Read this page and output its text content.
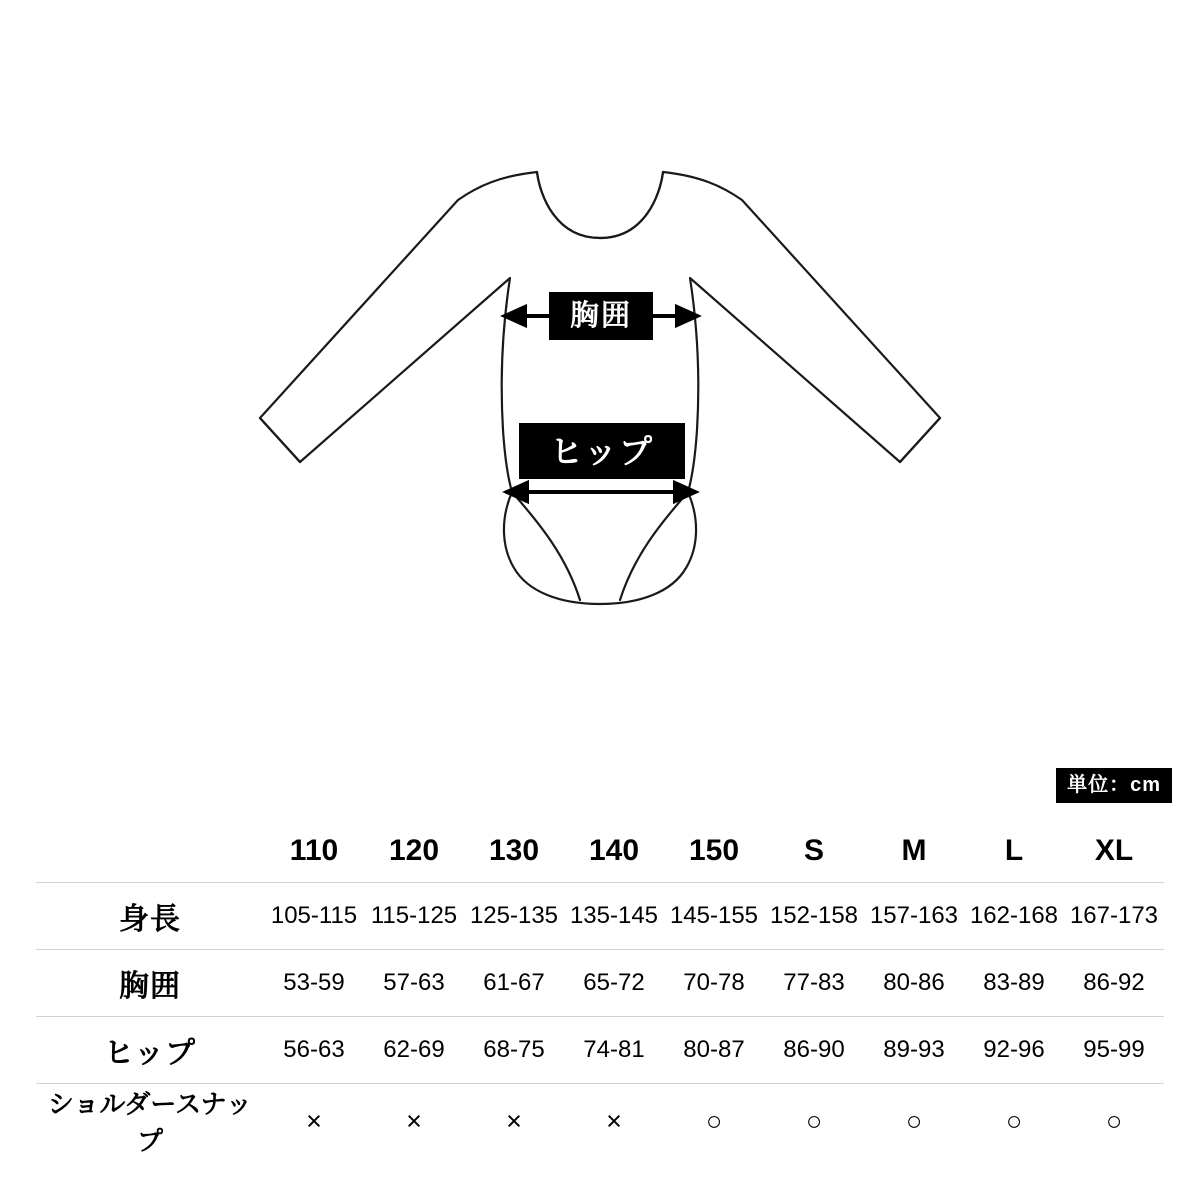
胸囲
ヒップ
単位：cm
	110	120	130	140	150	S	M	L	XL
身長	105-115	115-125	125-135	135-145	145-155	152-158	157-163	162-168	167-173
胸囲	53-59	57-63	61-67	65-72	70-78	77-83	80-86	83-89	86-92
ヒップ	56-63	62-69	68-75	74-81	80-87	86-90	89-93	92-96	95-99
ショルダースナップ	×	×	×	×	○	○	○	○	○
